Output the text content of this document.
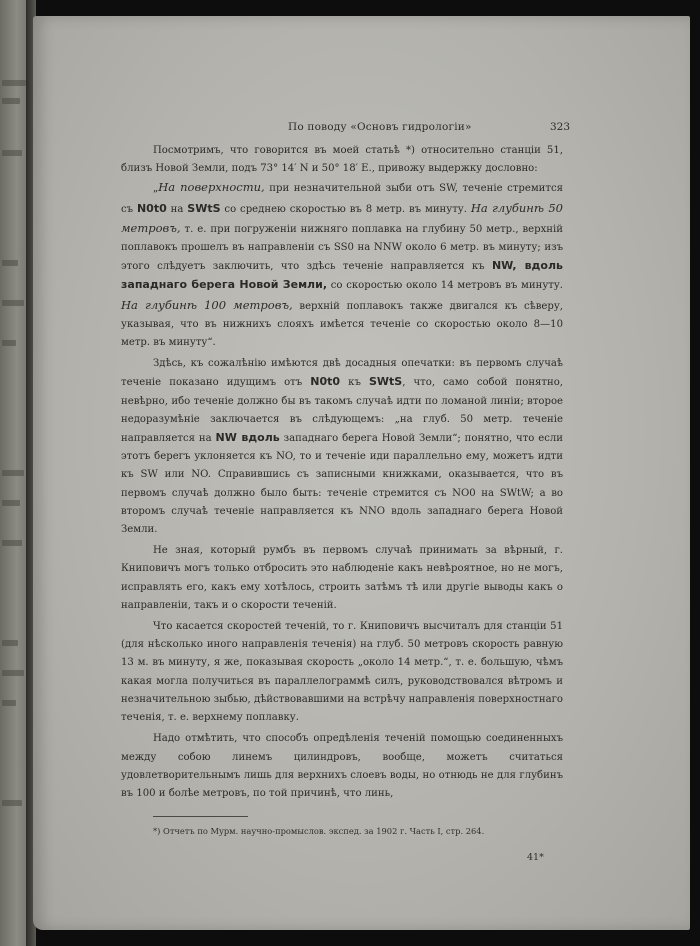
По поводу «Основъ гидрологіи»	323

Посмотримъ, что говорится въ моей статьѣ *) относительно станціи 51, близъ Новой Земли, подъ 73° 14′ N и 50° 18′ E., привожу выдержку дословно:

„На поверхности, при незначительной зыби отъ SW, теченіе стремится съ N0t0 на SWtS со среднею скоростью въ 8 метр. въ минуту. На глубинѣ 50 метровъ, т. е. при погруженіи нижняго поплавка на глубину 50 метр., верхній поплавокъ прошелъ въ направленіи съ SS0 на NNW около 6 метр. въ минуту; изъ этого слѣдуетъ заключить, что здѣсь теченіе направляется къ NW, вдоль западнаго берега Новой Земли, со скоростью около 14 метровъ въ минуту. На глубинѣ 100 метровъ, верхній поплавокъ также двигался къ сѣверу, указывая, что въ нижнихъ слояхъ имѣется теченіе со скоростью около 8—10 метр. въ минуту“.

Здѣсь, къ сожалѣнію имѣются двѣ досадныя опечатки: въ первомъ случаѣ теченіе показано идущимъ отъ N0t0 къ SWtS, что, само собой понятно, невѣрно, ибо теченіе должно бы въ такомъ случаѣ идти по ломаной линіи; второе недоразумѣніе заключается въ слѣдующемъ: „на глуб. 50 метр. теченіе направляется на NW вдоль западнаго берега Новой Земли“; понятно, что если этотъ берегъ уклоняется къ NO, то и теченіе иди параллельно ему, можетъ идти къ SW или NO. Справившись съ записными книжками, оказывается, что въ первомъ случаѣ должно было быть: теченіе стремится съ NO0 на SWtW; а во второмъ случаѣ теченіе направляется къ NNO вдоль западнаго берега Новой Земли.

Не зная, который румбъ въ первомъ случаѣ принимать за вѣрный, г. Книповичъ могъ только отбросить это наблюденіе какъ невѣроятное, но не могъ, исправлять его, какъ ему хотѣлось, строить затѣмъ тѣ или другіе выводы какъ о направленіи, такъ и о скорости теченій.

Что касается скоростей теченій, то г. Книповичъ высчиталъ для станціи 51 (для нѣсколько иного направленія теченія) на глуб. 50 метровъ скорость равную 13 м. въ минуту, я же, показывая скорость „около 14 метр.“, т. е. большую, чѣмъ какая могла получиться въ параллелограммѣ силъ, руководствовался вѣтромъ и незначительною зыбью, дѣйствовавшими на встрѣчу направленія поверхностнаго теченія, т. е. верхнему поплавку.

Надо отмѣтить, что способъ опредѣленія теченій помощью соединенныхъ между собою линемъ цилиндровъ, вообще, можетъ считаться удовлетворительнымъ лишь для верхнихъ слоевъ воды, но отнюдь не для глубинъ въ 100 и болѣе метровъ, по той причинѣ, что линь,

*) Отчетъ по Мурм. научно-промыслов. экспед. за 1902 г. Часть I, стр. 264.
41*
